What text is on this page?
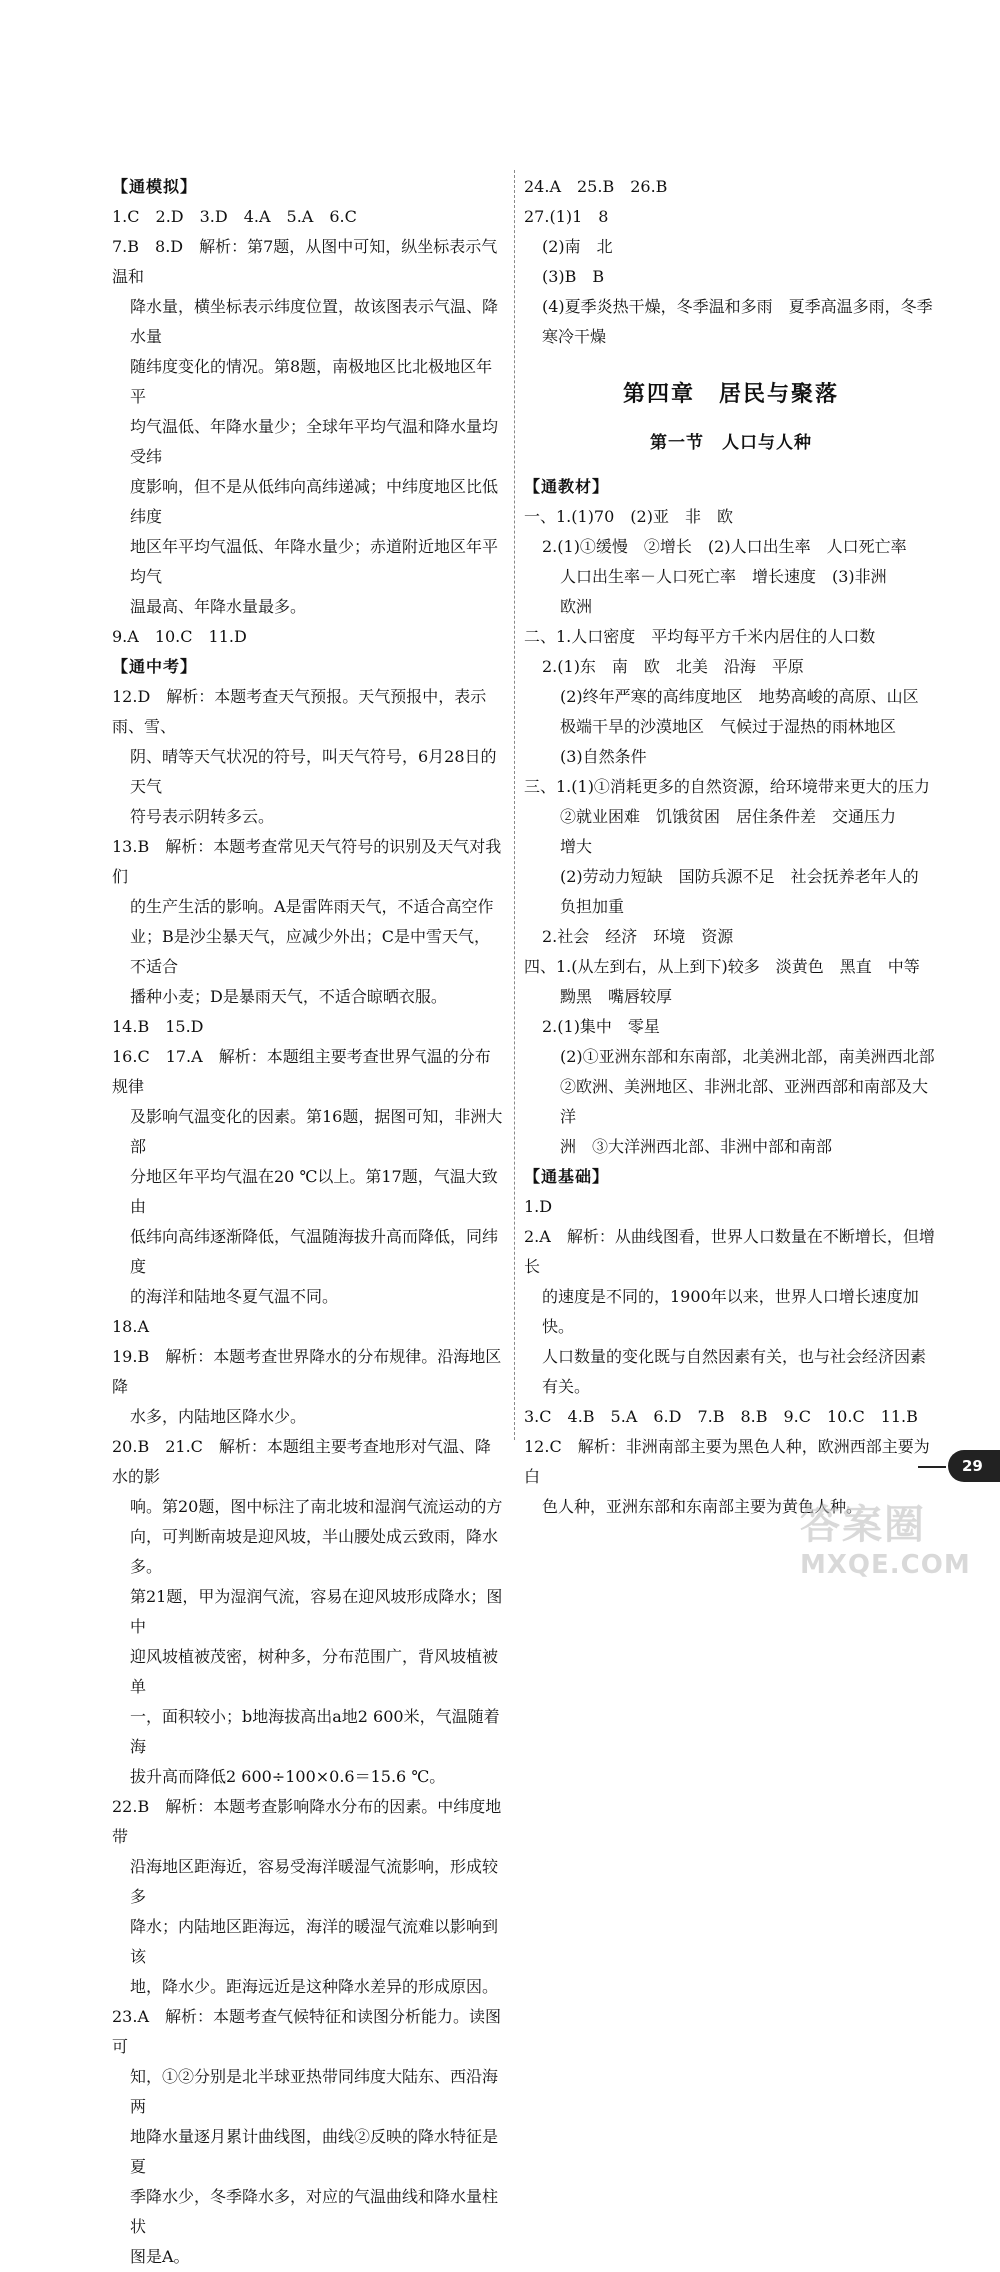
【通模拟】
1.C　2.D　3.D　4.A　5.A　6.C
7.B　8.D　解析：第7题，从图中可知，纵坐标表示气温和
降水量，横坐标表示纬度位置，故该图表示气温、降水量
随纬度变化的情况。第8题，南极地区比北极地区年平
均气温低、年降水量少；全球年平均气温和降水量均受纬
度影响，但不是从低纬向高纬递减；中纬度地区比低纬度
地区年平均气温低、年降水量少；赤道附近地区年平均气
温最高、年降水量最多。
9.A　10.C　11.D
【通中考】
12.D　解析：本题考查天气预报。天气预报中，表示雨、雪、
阴、晴等天气状况的符号，叫天气符号，6月28日的天气
符号表示阴转多云。
13.B　解析：本题考查常见天气符号的识别及天气对我们
的生产生活的影响。A是雷阵雨天气，不适合高空作
业；B是沙尘暴天气，应减少外出；C是中雪天气，不适合
播种小麦；D是暴雨天气，不适合晾晒衣服。
14.B　15.D
16.C　17.A　解析：本题组主要考查世界气温的分布规律
及影响气温变化的因素。第16题，据图可知，非洲大部
分地区年平均气温在20 ℃以上。第17题，气温大致由
低纬向高纬逐渐降低，气温随海拔升高而降低，同纬度
的海洋和陆地冬夏气温不同。
18.A
19.B　解析：本题考查世界降水的分布规律。沿海地区降
水多，内陆地区降水少。
20.B　21.C　解析：本题组主要考查地形对气温、降水的影
响。第20题，图中标注了南北坡和湿润气流运动的方
向，可判断南坡是迎风坡，半山腰处成云致雨，降水多。
第21题，甲为湿润气流，容易在迎风坡形成降水；图中
迎风坡植被茂密，树种多，分布范围广，背风坡植被单
一，面积较小；b地海拔高出a地2 600米，气温随着海
拔升高而降低2 600÷100×0.6＝15.6 ℃。
22.B　解析：本题考查影响降水分布的因素。中纬度地带
沿海地区距海近，容易受海洋暖湿气流影响，形成较多
降水；内陆地区距海远，海洋的暖湿气流难以影响到该
地，降水少。距海远近是这种降水差异的形成原因。
23.A　解析：本题考查气候特征和读图分析能力。读图可
知，①②分别是北半球亚热带同纬度大陆东、西沿海两
地降水量逐月累计曲线图，曲线②反映的降水特征是夏
季降水少，冬季降水多，对应的气温曲线和降水量柱状
图是A。
24.A　25.B　26.B
27.(1)1　8
(2)南　北
(3)B　B
(4)夏季炎热干燥，冬季温和多雨　夏季高温多雨，冬季
寒冷干燥
第四章　居民与聚落
第一节　人口与人种
【通教材】
一、1.(1)70　(2)亚　非　欧
2.(1)①缓慢　②增长　(2)人口出生率　人口死亡率
人口出生率－人口死亡率　增长速度　(3)非洲
欧洲
二、1.人口密度　平均每平方千米内居住的人口数
2.(1)东　南　欧　北美　沿海　平原
(2)终年严寒的高纬度地区　地势高峻的高原、山区
极端干旱的沙漠地区　气候过于湿热的雨林地区
(3)自然条件
三、1.(1)①消耗更多的自然资源，给环境带来更大的压力
②就业困难　饥饿贫困　居住条件差　交通压力
增大
(2)劳动力短缺　国防兵源不足　社会抚养老年人的
负担加重
2.社会　经济　环境　资源
四、1.(从左到右，从上到下)较多　淡黄色　黑直　中等
黝黑　嘴唇较厚
2.(1)集中　零星
(2)①亚洲东部和东南部，北美洲北部，南美洲西北部
②欧洲、美洲地区、非洲北部、亚洲西部和南部及大洋
洲　③大洋洲西北部、非洲中部和南部
【通基础】
1.D
2.A　解析：从曲线图看，世界人口数量在不断增长，但增长
的速度是不同的，1900年以来，世界人口增长速度加快。
人口数量的变化既与自然因素有关，也与社会经济因素
有关。
3.C　4.B　5.A　6.D　7.B　8.B　9.C　10.C　11.B
12.C　解析：非洲南部主要为黑色人种，欧洲西部主要为白
色人种，亚洲东部和东南部主要为黄色人种。
29
答案圈
MXQE.COM
